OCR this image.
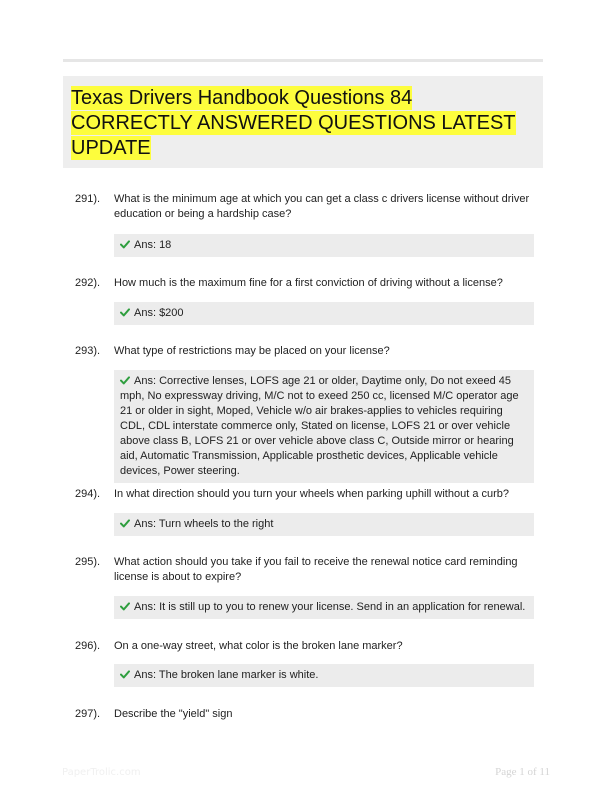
Texas Drivers Handbook Questions 84 CORRECTLY ANSWERED QUESTIONS LATEST UPDATE
291).	What is the minimum age at which you can get a class c drivers license without driver education or being a hardship case?
Ans: 18
292).	How much is the maximum fine for a first conviction of driving without a license?
Ans: $200
293).	What type of restrictions may be placed on your license?
Ans: Corrective lenses, LOFS age 21 or older, Daytime only, Do not exeed 45 mph, No expressway driving, M/C not to exeed 250 cc, licensed M/C operator age 21 or older in sight, Moped, Vehicle w/o air brakes-applies to vehicles requiring CDL, CDL interstate commerce only, Stated on license, LOFS 21 or over vehicle above class B, LOFS 21 or over vehicle above class C, Outside mirror or hearing aid, Automatic Transmission, Applicable prosthetic devices, Applicable vehicle devices, Power steering.
294).	In what direction should you turn your wheels when parking uphill without a curb?
Ans: Turn wheels to the right
295).	What action should you take if you fail to receive the renewal notice card reminding license is about to expire?
Ans: It is still up to you to renew your license. Send in an application for renewal.
296).	On a one-way street, what color is the broken lane marker?
Ans: The broken lane marker is white.
297).	Describe the "yield" sign
PaperTrolic.com	Page 1 of 11
